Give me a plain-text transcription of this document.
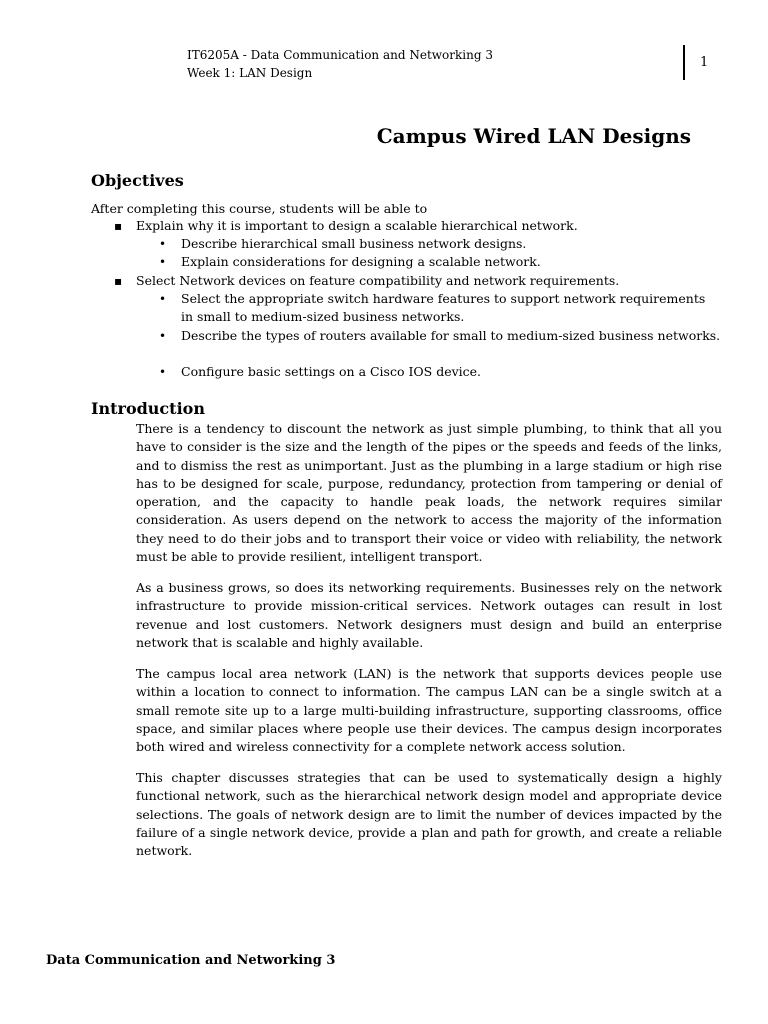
IT6205A - Data Communication and Networking 3
Week 1: LAN Design
1
Campus Wired LAN Designs
Objectives
After completing this course, students will be able to
▪ Explain why it is important to design a scalable hierarchical network.
• Describe hierarchical small business network designs.
• Explain considerations for designing a scalable network.
▪ Select Network devices on feature compatibility and network requirements.
• Select the appropriate switch hardware features to support network requirements in small to medium-sized business networks.
• Describe the types of routers available for small to medium-sized business networks.
• Configure basic settings on a Cisco IOS device.
Introduction

There is a tendency to discount the network as just simple plumbing, to think that all you have to consider is the size and the length of the pipes or the speeds and feeds of the links, and to dismiss the rest as unimportant. Just as the plumbing in a large stadium or high rise has to be designed for scale, purpose, redundancy, protection from tampering or denial of operation, and the capacity to handle peak loads, the network requires similar consideration. As users depend on the network to access the majority of the information they need to do their jobs and to transport their voice or video with reliability, the network must be able to provide resilient, intelligent transport.

As a business grows, so does its networking requirements. Businesses rely on the network infrastructure to provide mission-critical services. Network outages can result in lost revenue and lost customers. Network designers must design and build an enterprise network that is scalable and highly available.

The campus local area network (LAN) is the network that supports devices people use within a location to connect to information. The campus LAN can be a single switch at a small remote site up to a large multi-building infrastructure, supporting classrooms, office space, and similar places where people use their devices. The campus design incorporates both wired and wireless connectivity for a complete network access solution.

This chapter discusses strategies that can be used to systematically design a highly functional network, such as the hierarchical network design model and appropriate device selections. The goals of network design are to limit the number of devices impacted by the failure of a single network device, provide a plan and path for growth, and create a reliable network.

Data Communication and Networking 3
